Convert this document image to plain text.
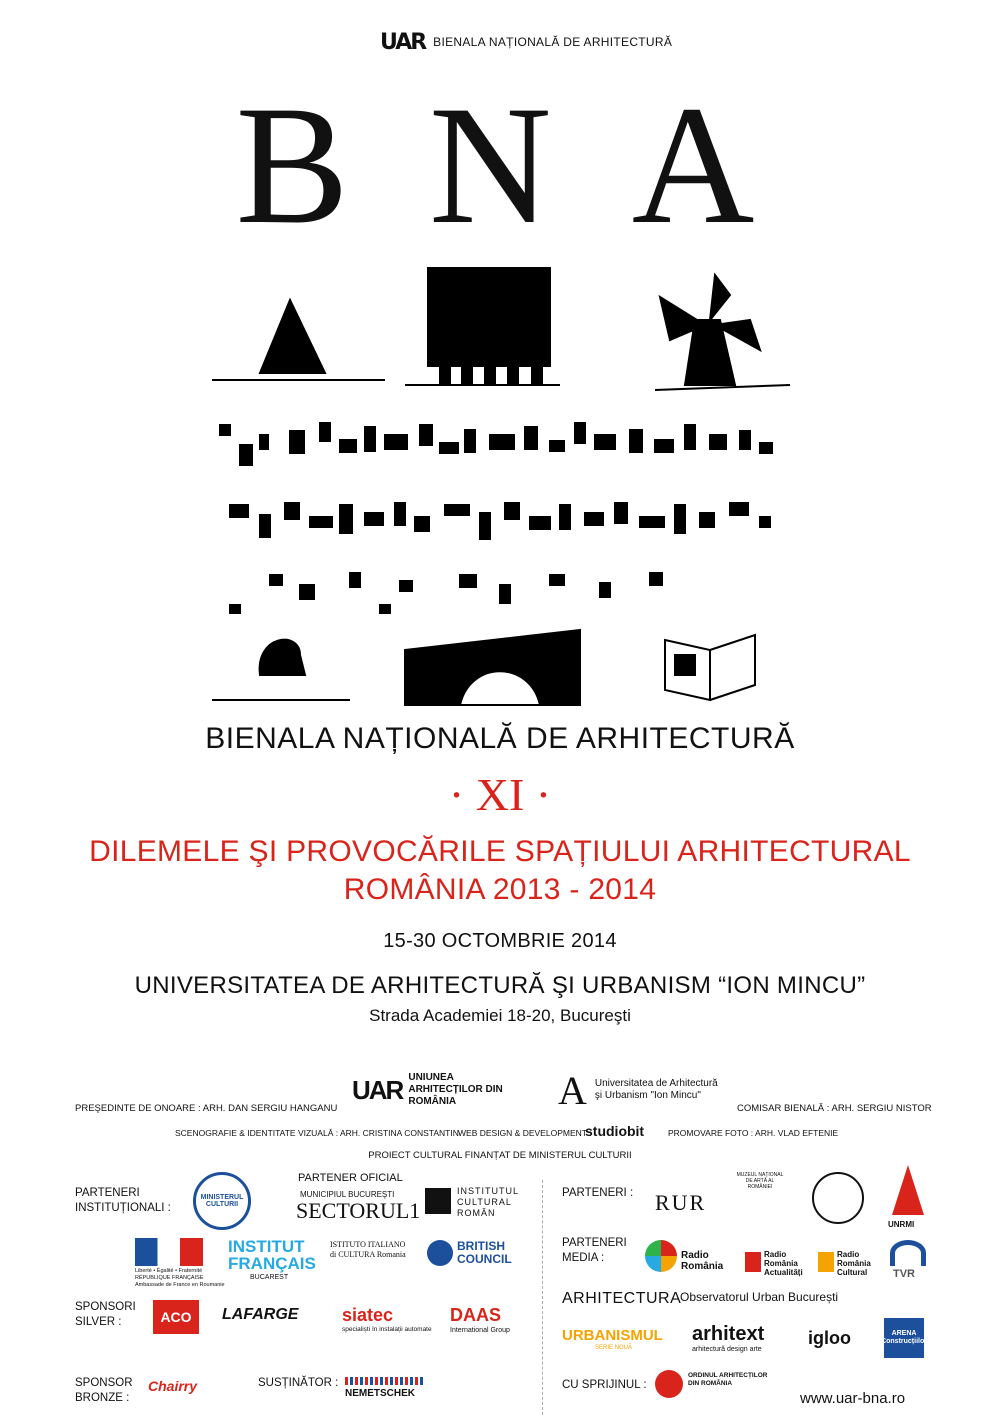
UAR BIENALA NAȚIONALĂ DE ARHITECTURĂ
BNA
BIENALA NAȚIONALĂ DE ARHITECTURĂ
· XI ·
DILEMELE ŞI PROVOCĂRILE SPAȚIULUI ARHITECTURAL
ROMÂNIA 2013 - 2014
15-30 OCTOMBRIE 2014
UNIVERSITATEA DE ARHITECTURĂ ŞI URBANISM “ION MINCU”
Strada Academiei 18-20, Bucureşti
PREŞEDINTE DE ONOARE : ARH. DAN SERGIU HANGANU
UAR UNIUNEA ARHITECȚILOR DIN ROMÂNIA	A Universitatea de Arhitectură şi Urbanism "Ion Mincu"
COMISAR BIENALĂ : ARH. SERGIU NISTOR
SCENOGRAFIE & IDENTITATE VIZUALĂ : ARH. CRISTINA CONSTANTIN WEB DESIGN & DEVELOPMENT :
studiobit	PROMOVARE FOTO : ARH. VLAD EFTENIE
PROIECT CULTURAL FINANȚAT DE MINISTERUL CULTURII
PARTENERI INSTITUȚIONALI :
MINISTERUL CULTURII
PARTENER OFICIAL
MUNICIPIUL BUCUREŞTI
SECTORUL1
INSTITUTUL CULTURAL ROMÂN
Liberté • Égalité • Fraternité
RÉPUBLIQUE FRANÇAISE
Ambassade de France en Roumanie
INSTITUT FRANÇAIS
BUCAREST
ISTITUTO ITALIANO di CULTURA Romania
BRITISH COUNCIL
SPONSORI SILVER :	ACO	LAFARGE siatec
specialiști în instalații automate
DAAS
International Group
SPONSOR BRONZE :
Chairry	SUSȚINĂTOR :
NEMETSCHEK
PARTENERI : RUR
MUZEUL NAȚIONAL DE ARTĂ AL ROMÂNIEI
UNRMI
PARTENERI MEDIA :	Radio România
Radio România Actualități
Radio România Cultural	TVR
ARHITECTURA
Observatorul Urban București
URBANISMUL
SERIE NOUĂ
arhitext
arhitectură design arte
igloo	ARENA Construcțiilor
CU SPRIJINUL :
ORDINUL ARHITECȚILOR DIN ROMÂNIA
www.uar-bna.ro
